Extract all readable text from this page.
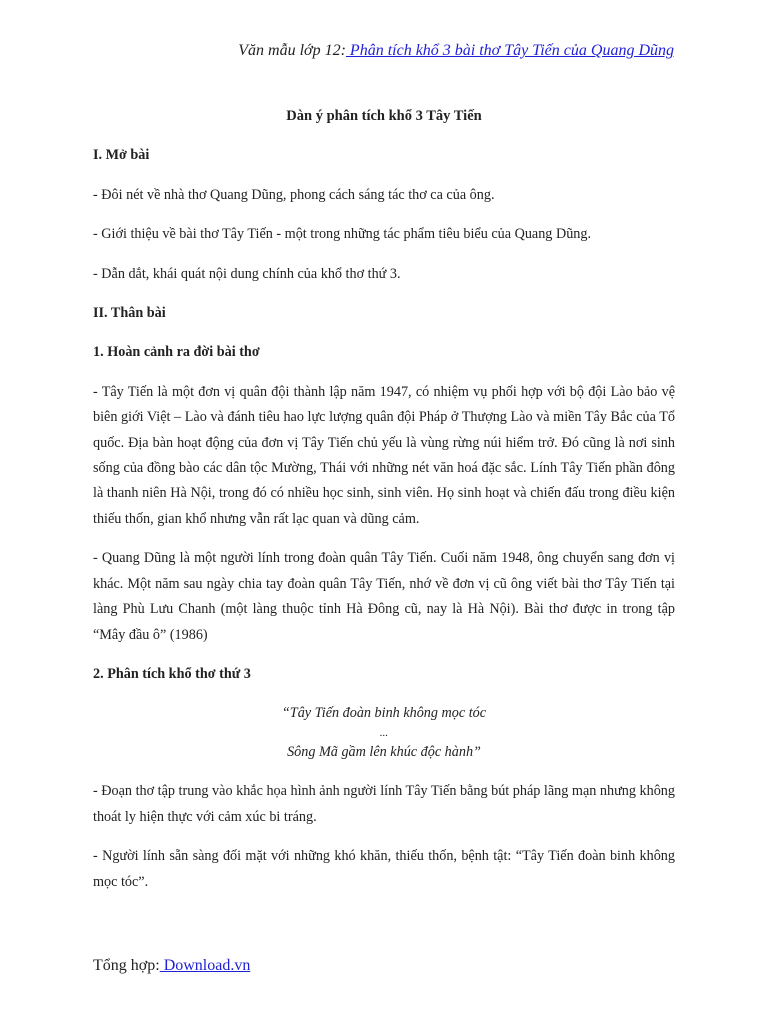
Văn mẫu lớp 12: Phân tích khổ 3 bài thơ Tây Tiến của Quang Dũng
Dàn ý phân tích khổ 3 Tây Tiến
I. Mở bài
- Đôi nét về nhà thơ Quang Dũng, phong cách sáng tác thơ ca của ông.
- Giới thiệu về bài thơ Tây Tiến - một trong những tác phẩm tiêu biểu của Quang Dũng.
- Dẫn dắt, khái quát nội dung chính của khổ thơ thứ 3.
II. Thân bài
1. Hoàn cảnh ra đời bài thơ
- Tây Tiến là một đơn vị quân đội thành lập năm 1947, có nhiệm vụ phối hợp với bộ đội Lào bảo vệ biên giới Việt – Lào và đánh tiêu hao lực lượng quân đội Pháp ở Thượng Lào và miền Tây Bắc của Tổ quốc. Địa bàn hoạt động của đơn vị Tây Tiến chủ yếu là vùng rừng núi hiểm trở. Đó cũng là nơi sinh sống của đồng bào các dân tộc Mường, Thái với những nét văn hoá đặc sắc. Lính Tây Tiến phần đông là thanh niên Hà Nội, trong đó có nhiều học sinh, sinh viên. Họ sinh hoạt và chiến đấu trong điều kiện thiếu thốn, gian khổ nhưng vẫn rất lạc quan và dũng cảm.
- Quang Dũng là một người lính trong đoàn quân Tây Tiến. Cuối năm 1948, ông chuyển sang đơn vị khác. Một năm sau ngày chia tay đoàn quân Tây Tiến, nhớ về đơn vị cũ ông viết bài thơ Tây Tiến tại làng Phù Lưu Chanh (một làng thuộc tỉnh Hà Đông cũ, nay là Hà Nội). Bài thơ được in trong tập “Mây đầu ô” (1986)
2. Phân tích khổ thơ thứ 3
“Tây Tiến đoàn binh không mọc tóc
...
Sông Mã gầm lên khúc độc hành”
- Đoạn thơ tập trung vào khắc họa hình ảnh người lính Tây Tiến bằng bút pháp lãng mạn nhưng không thoát ly hiện thực với cảm xúc bi tráng.
- Người lính sẵn sàng đối mặt với những khó khăn, thiếu thốn, bệnh tật: “Tây Tiến đoàn binh không mọc tóc”.
Tổng hợp: Download.vn
